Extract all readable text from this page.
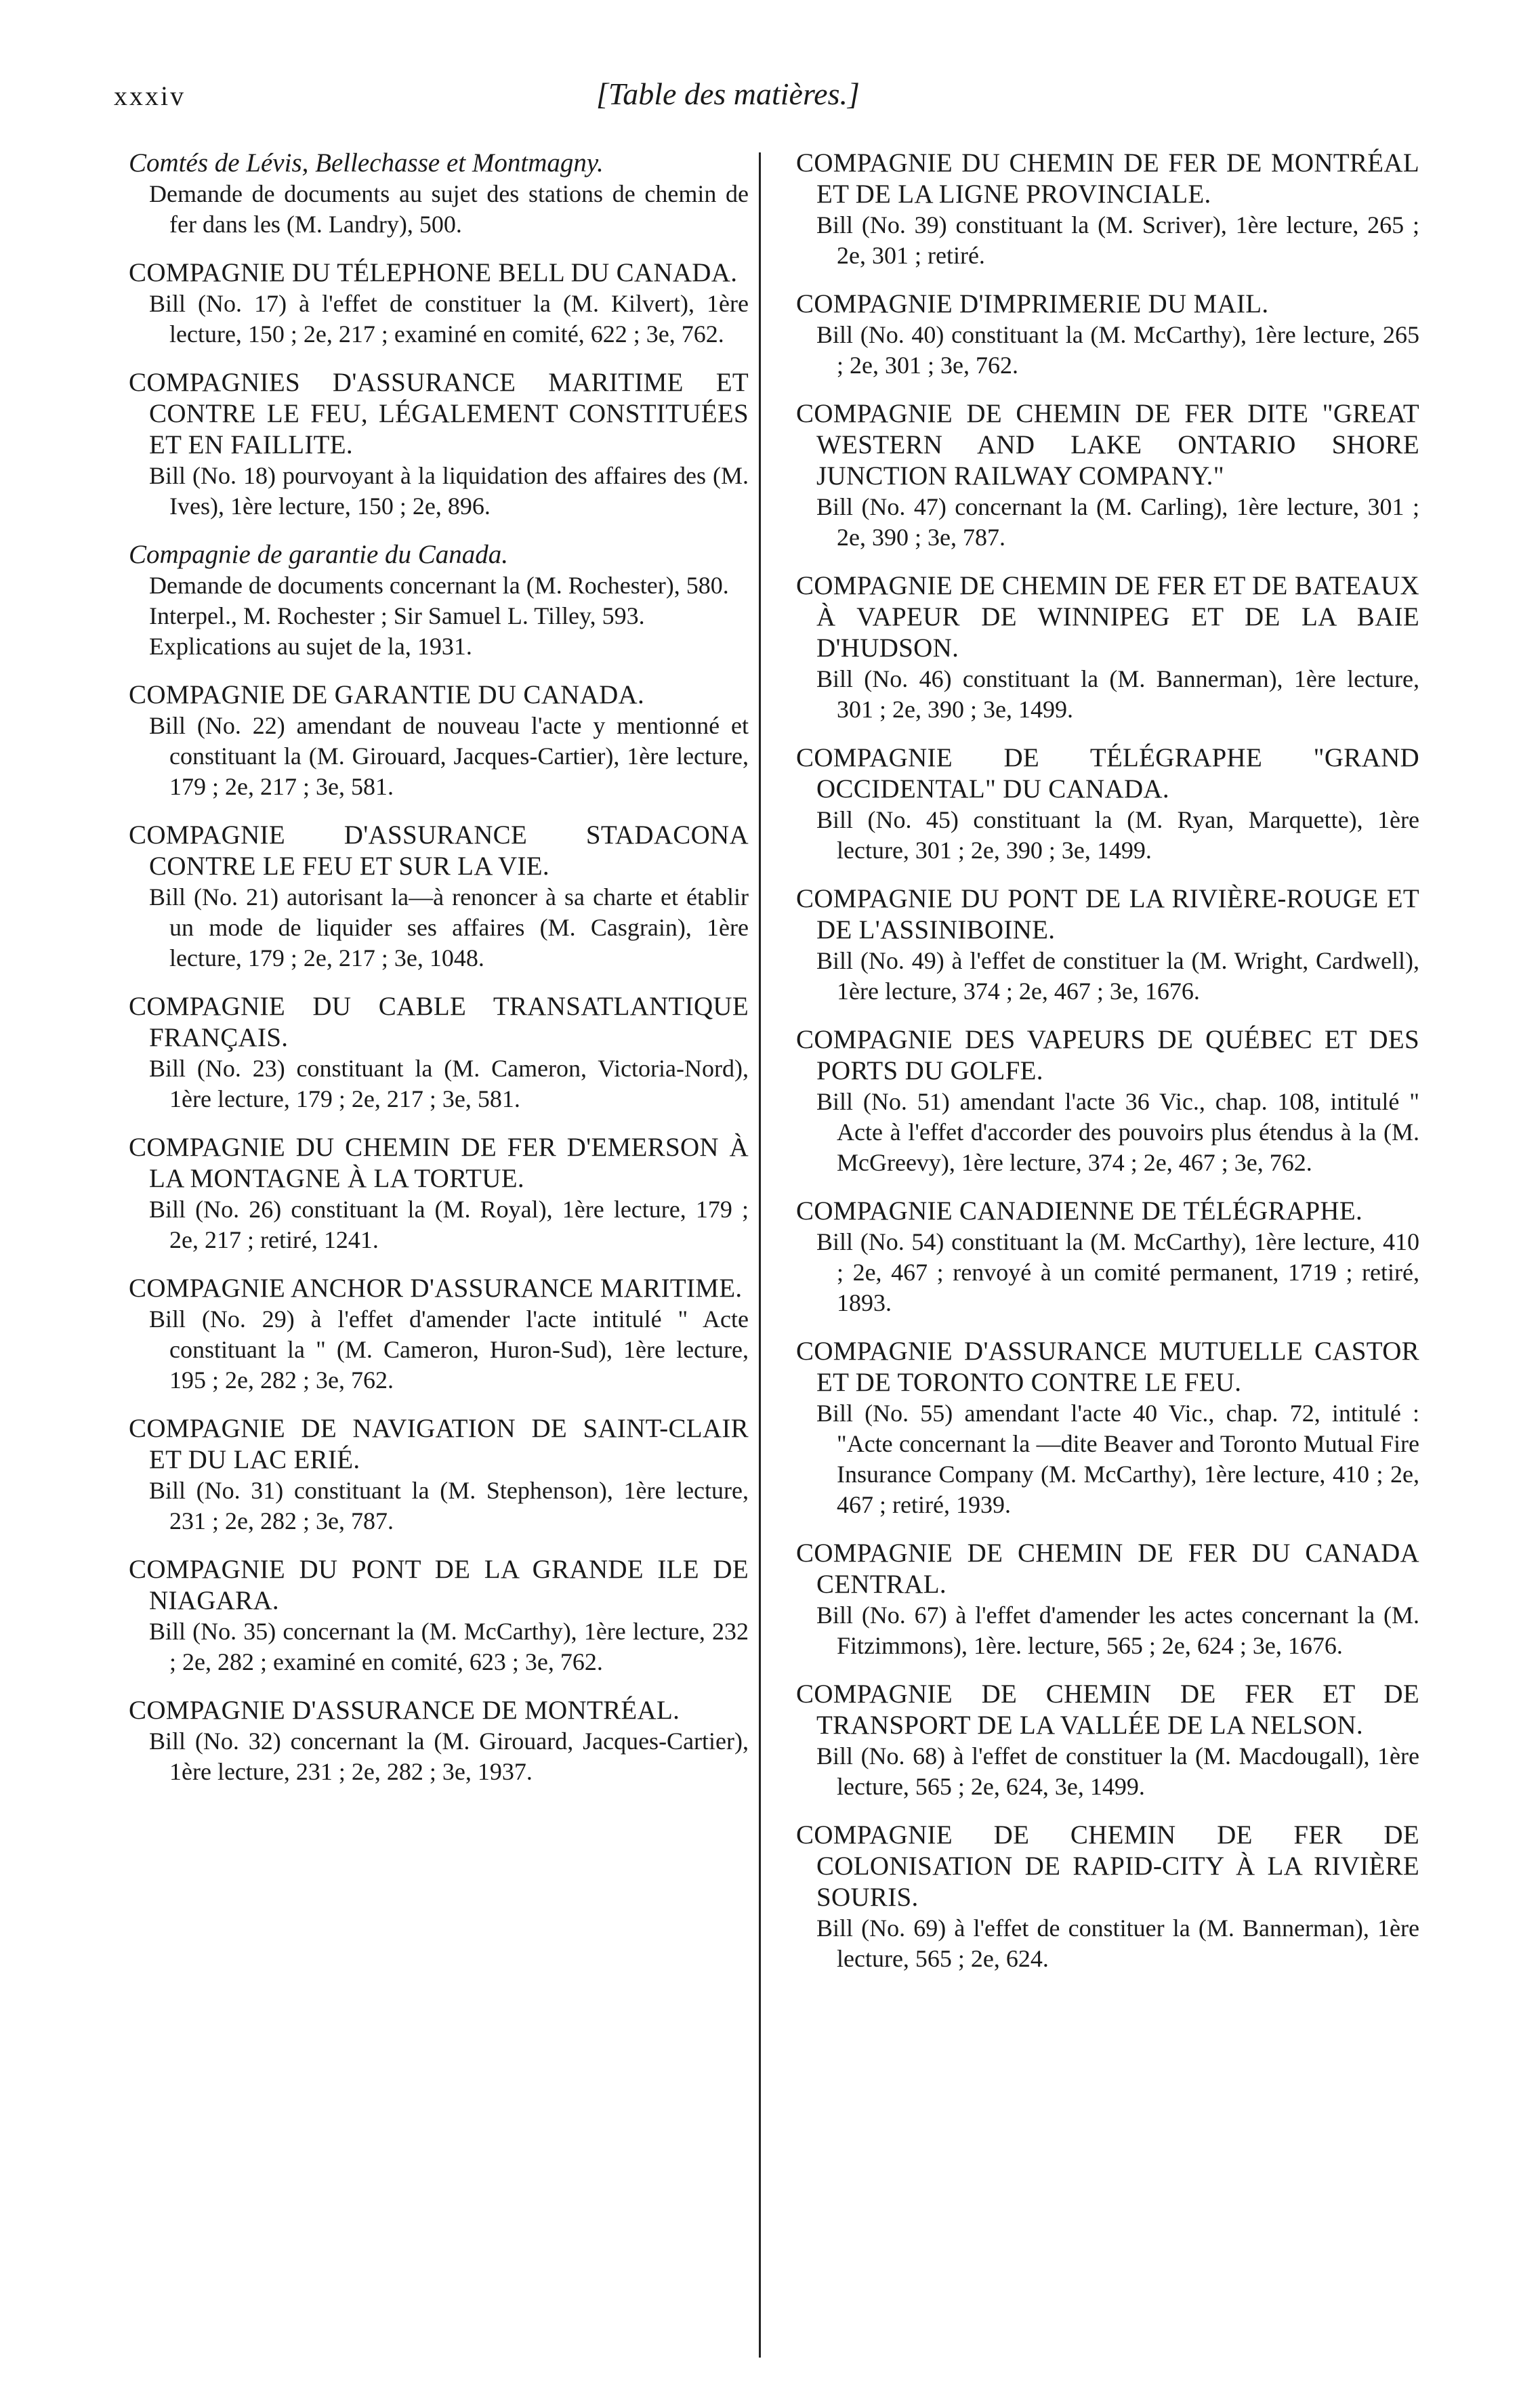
xxxiv	[Table des matières.]
Comtés de Lévis, Bellechasse et Montmagny.
Demande de documents au sujet des stations de chemin de fer dans les (M. Landry), 500.
COMPAGNIE DU TÉLEPHONE BELL DU CANADA.
Bill (No. 17) à l'effet de constituer la (M. Kilvert), 1ère lecture, 150 ; 2e, 217 ; examiné en comité, 622 ; 3e, 762.
COMPAGNIES D'ASSURANCE MARITIME ET CONTRE LE FEU, LÉGALEMENT CONSTITUÉES ET EN FAILLITE.
Bill (No. 18) pourvoyant à la liquidation des affaires des (M. Ives), 1ère lecture, 150 ; 2e, 896.
Compagnie de garantie du Canada.
Demande de documents concernant la (M. Rochester), 580.
Interpel., M. Rochester ; Sir Samuel L. Tilley, 593.
Explications au sujet de la, 1931.
COMPAGNIE DE GARANTIE DU CANADA.
Bill (No. 22) amendant de nouveau l'acte y mentionné et constituant la (M. Girouard, Jacques-Cartier), 1ère lecture, 179 ; 2e, 217 ; 3e, 581.
COMPAGNIE D'ASSURANCE STADACONA CONTRE LE FEU ET SUR LA VIE.
Bill (No. 21) autorisant la—à renoncer à sa charte et établir un mode de liquider ses affaires (M. Casgrain), 1ère lecture, 179 ; 2e, 217 ; 3e, 1048.
COMPAGNIE DU CABLE TRANSATLANTIQUE FRANÇAIS.
Bill (No. 23) constituant la (M. Cameron, Victoria-Nord), 1ère lecture, 179 ; 2e, 217 ; 3e, 581.
COMPAGNIE DU CHEMIN DE FER D'EMERSON À LA MONTAGNE À LA TORTUE.
Bill (No. 26) constituant la (M. Royal), 1ère lecture, 179 ; 2e, 217 ; retiré, 1241.
COMPAGNIE ANCHOR D'ASSURANCE MARITIME.
Bill (No. 29) à l'effet d'amender l'acte intitulé " Acte constituant la " (M. Cameron, Huron-Sud), 1ère lecture, 195 ; 2e, 282 ; 3e, 762.
COMPAGNIE DE NAVIGATION DE SAINT-CLAIR ET DU LAC ERIÉ.
Bill (No. 31) constituant la (M. Stephenson), 1ère lecture, 231 ; 2e, 282 ; 3e, 787.
COMPAGNIE DU PONT DE LA GRANDE ILE DE NIAGARA.
Bill (No. 35) concernant la (M. McCarthy), 1ère lecture, 232 ; 2e, 282 ; examiné en comité, 623 ; 3e, 762.
COMPAGNIE D'ASSURANCE DE MONTRÉAL.
Bill (No. 32) concernant la (M. Girouard, Jacques-Cartier), 1ère lecture, 231 ; 2e, 282 ; 3e, 1937.
COMPAGNIE DU CHEMIN DE FER DE MONTRÉAL ET DE LA LIGNE PROVINCIALE.
Bill (No. 39) constituant la (M. Scriver), 1ère lecture, 265 ; 2e, 301 ; retiré.
COMPAGNIE D'IMPRIMERIE DU MAIL.
Bill (No. 40) constituant la (M. McCarthy), 1ère lecture, 265 ; 2e, 301 ; 3e, 762.
COMPAGNIE DE CHEMIN DE FER DITE "GREAT WESTERN AND LAKE ONTARIO SHORE JUNCTION RAILWAY COMPANY."
Bill (No. 47) concernant la (M. Carling), 1ère lecture, 301 ; 2e, 390 ; 3e, 787.
COMPAGNIE DE CHEMIN DE FER ET DE BATEAUX À VAPEUR DE WINNIPEG ET DE LA BAIE D'HUDSON.
Bill (No. 46) constituant la (M. Bannerman), 1ère lecture, 301 ; 2e, 390 ; 3e, 1499.
COMPAGNIE DE TÉLÉGRAPHE "GRAND OCCIDENTAL" DU CANADA.
Bill (No. 45) constituant la (M. Ryan, Marquette), 1ère lecture, 301 ; 2e, 390 ; 3e, 1499.
COMPAGNIE DU PONT DE LA RIVIÈRE-ROUGE ET DE L'ASSINIBOINE.
Bill (No. 49) à l'effet de constituer la (M. Wright, Cardwell), 1ère lecture, 374 ; 2e, 467 ; 3e, 1676.
COMPAGNIE DES VAPEURS DE QUÉBEC ET DES PORTS DU GOLFE.
Bill (No. 51) amendant l'acte 36 Vic., chap. 108, intitulé " Acte à l'effet d'accorder des pouvoirs plus étendus à la (M. McGreevy), 1ère lecture, 374 ; 2e, 467 ; 3e, 762.
COMPAGNIE CANADIENNE DE TÉLÉGRAPHE.
Bill (No. 54) constituant la (M. McCarthy), 1ère lecture, 410 ; 2e, 467 ; renvoyé à un comité permanent, 1719 ; retiré, 1893.
COMPAGNIE D'ASSURANCE MUTUELLE CASTOR ET DE TORONTO CONTRE LE FEU.
Bill (No. 55) amendant l'acte 40 Vic., chap. 72, intitulé : "Acte concernant la —dite Beaver and Toronto Mutual Fire Insurance Company (M. McCarthy), 1ère lecture, 410 ; 2e, 467 ; retiré, 1939.
COMPAGNIE DE CHEMIN DE FER DU CANADA CENTRAL.
Bill (No. 67) à l'effet d'amender les actes concernant la (M. Fitzimmons), 1ère. lecture, 565 ; 2e, 624 ; 3e, 1676.
COMPAGNIE DE CHEMIN DE FER ET DE TRANSPORT DE LA VALLÉE DE LA NELSON.
Bill (No. 68) à l'effet de constituer la (M. Macdougall), 1ère lecture, 565 ; 2e, 624, 3e, 1499.
COMPAGNIE DE CHEMIN DE FER DE COLONISATION DE RAPID-CITY À LA RIVIÈRE SOURIS.
Bill (No. 69) à l'effet de constituer la (M. Bannerman), 1ère lecture, 565 ; 2e, 624.
